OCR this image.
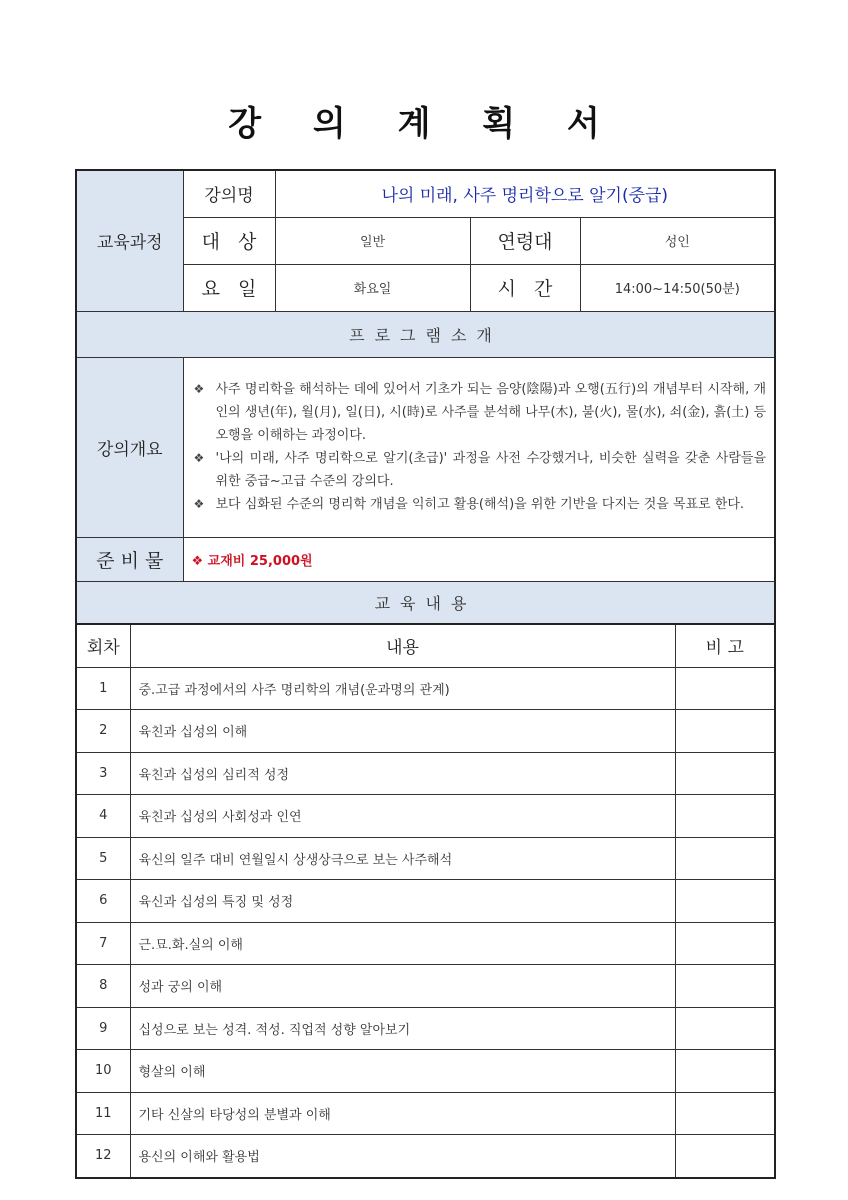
강 의 계 획 서
교육과정	강의명	나의 미래, 사주 명리학으로 알기(중급)		
	대   상	일반	연령대	성인
	요   일	화요일	시   간	14:00~14:50(50분)
프로그램소개				
강의개요	❖ 사주 명리학을 해석하는 데에 있어서 기초가 되는 음양(陰陽)과 오행(五行)의 개념부터 시작해, 개인의 생년(年), 월(月), 일(日), 시(時)로 사주를 분석해 나무(木), 불(火), 물(水), 쇠(金), 흙(土) 등 오행을 이해하는 과정이다.
❖ '나의 미래, 사주 명리학으로 알기(초급)' 과정을 사전 수강했거나, 비슷한 실력을 갖춘 사람들을 위한 중급~고급 수준의 강의다.
❖ 보다 심화된 수준의 명리학 개념을 익히고 활용(해석)을 위한 기반을 다지는 것을 목표로 한다.			

준 비 물	❖ 교재비 25,000원			
교육내용				
회차	내용	비 고
1	중.고급 과정에서의 사주 명리학의 개념(운과명의 관계)	
2	육친과 십성의 이해	
3	육친과 십성의 심리적 성정	
4	육친과 십성의 사회성과 인연	
5	육신의 일주 대비 연월일시 상생상극으로 보는 사주해석	
6	육신과 십성의 특징 및 성정	
7	근.묘.화.실의 이해	
8	성과 궁의 이해	
9	십성으로 보는 성격. 적성. 직업적 성향 알아보기	
10	형살의 이해	
11	기타 신살의 타당성의 분별과 이해	
12	용신의 이해와 활용법	
